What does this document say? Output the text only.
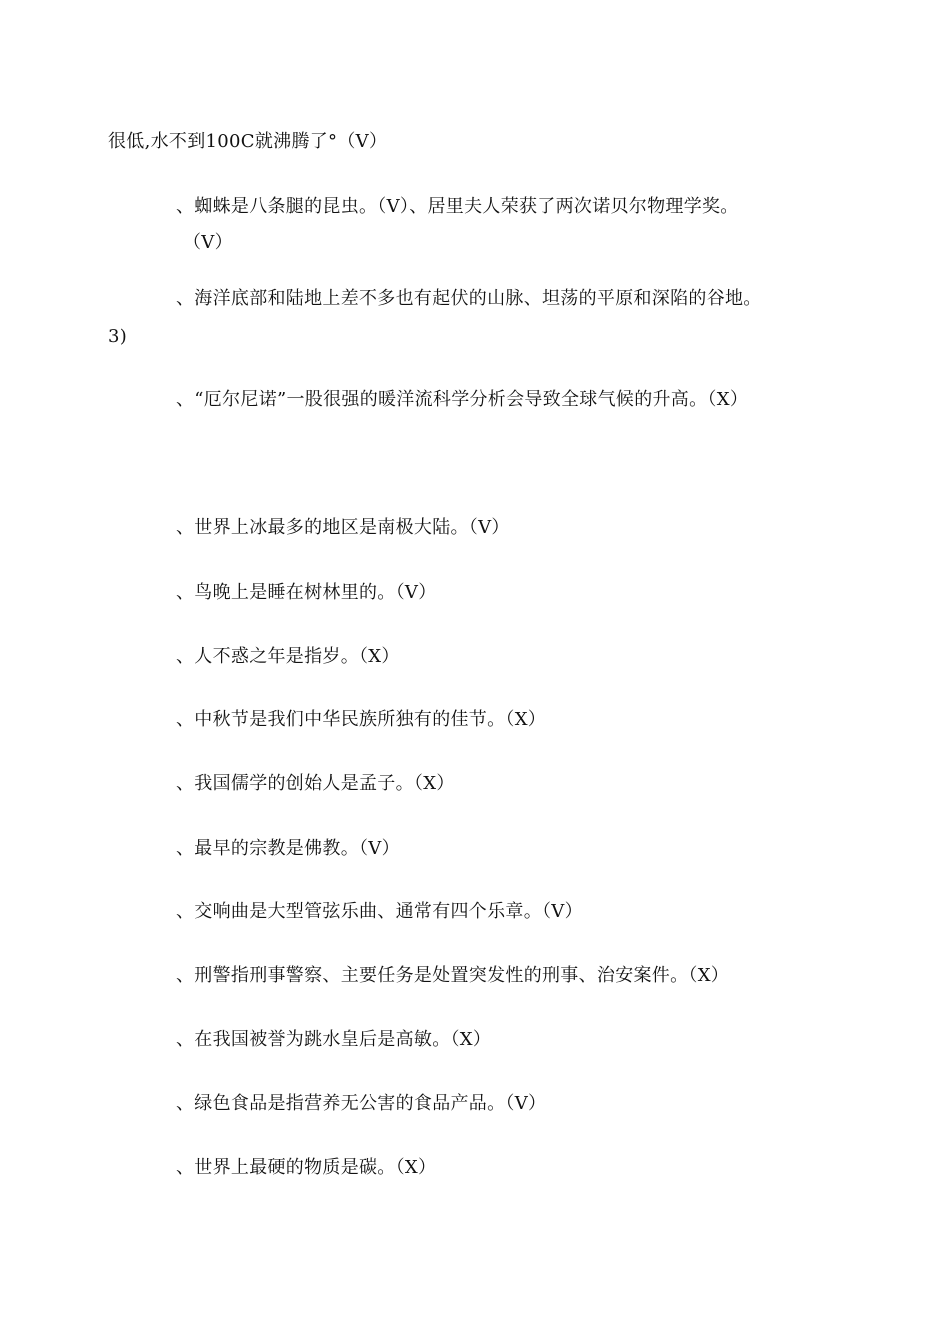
很低,水不到100C就沸腾了°（V）
、蜘蛛是八条腿的昆虫。（V）、居里夫人荣获了两次诺贝尔物理学奖。
（V）
、海洋底部和陆地上差不多也有起伏的山脉、坦荡的平原和深陷的谷地。
3)
、“厄尔尼诺”一股很强的暖洋流科学分析会导致全球气候的升高。（X）
、世界上冰最多的地区是南极大陆。（V）
、鸟晚上是睡在树林里的。（V）
、人不惑之年是指岁。（X）
、中秋节是我们中华民族所独有的佳节。（X）
、我国儒学的创始人是孟子。（X）
、最早的宗教是佛教。（V）
、交响曲是大型管弦乐曲、通常有四个乐章。（V）
、刑警指刑事警察、主要任务是处置突发性的刑事、治安案件。（X）
、在我国被誉为跳水皇后是高敏。（X）
、绿色食品是指营养无公害的食品产品。（V）
、世界上最硬的物质是碳。（X）
